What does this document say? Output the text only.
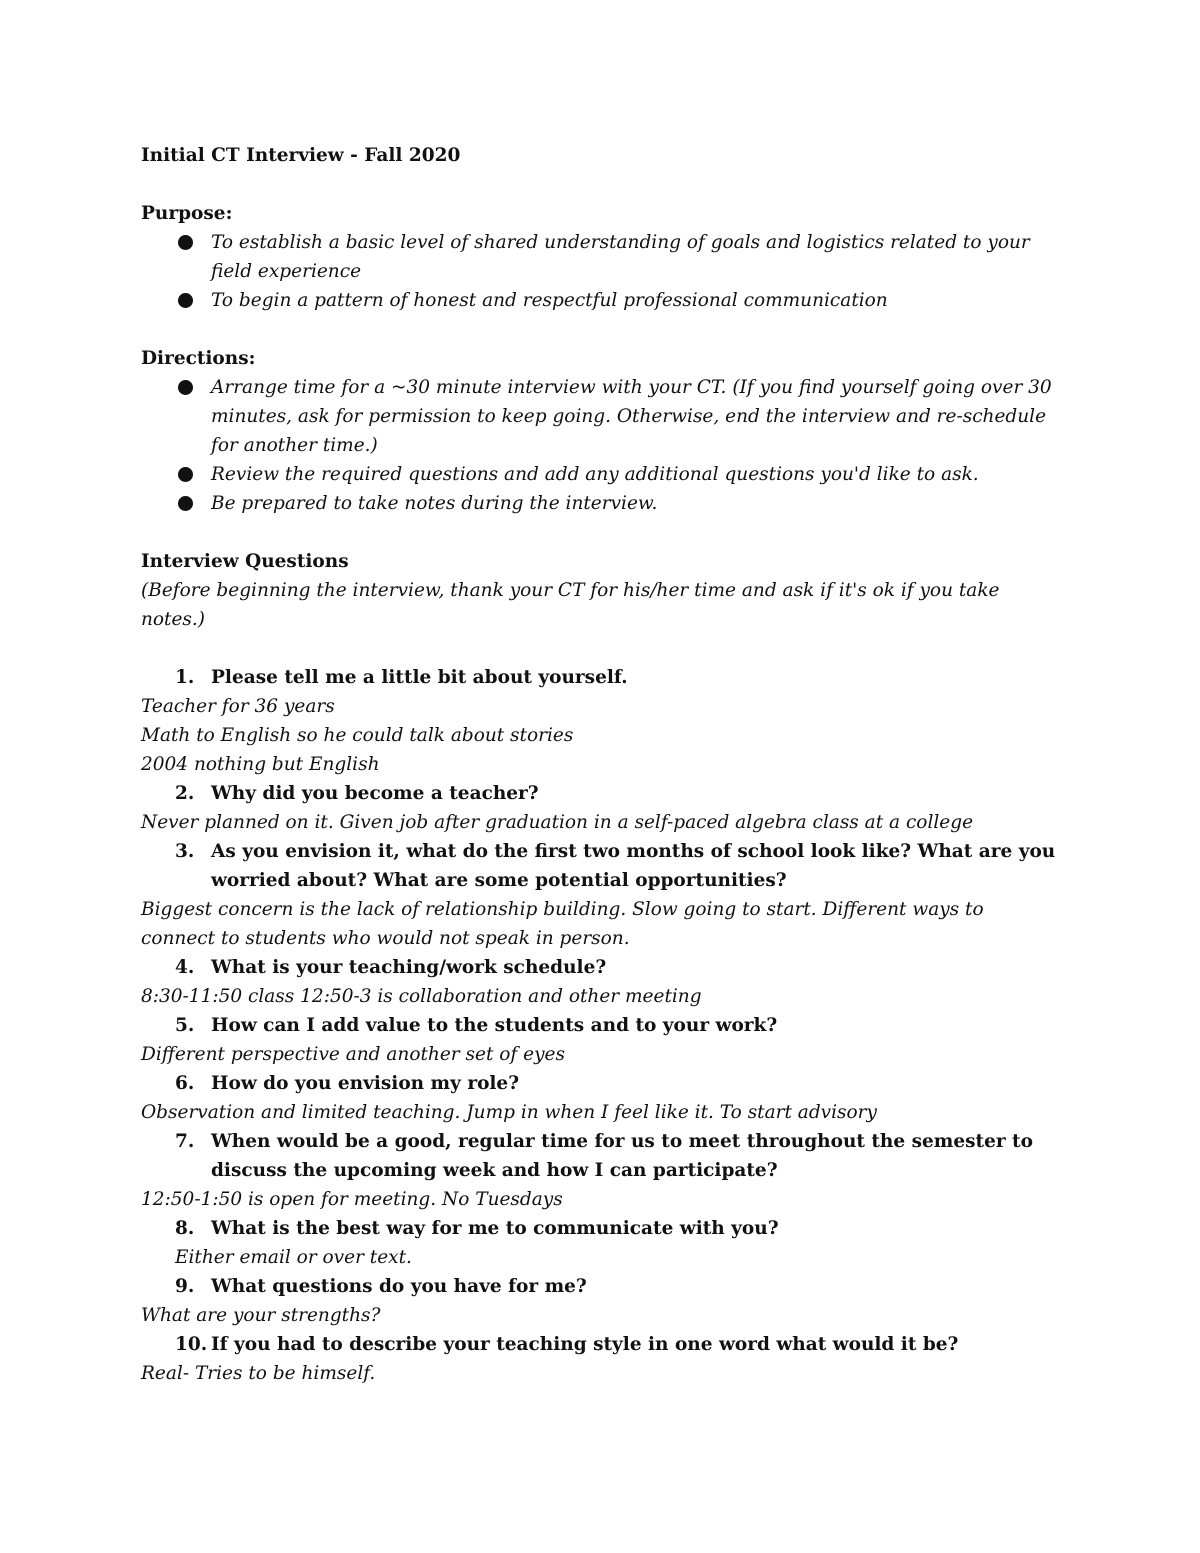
Initial CT Interview - Fall 2020

Purpose:

To establish a basic level of shared understanding of goals and logistics related to your field experience
To begin a pattern of honest and respectful professional communication

Directions:

Arrange time for a ~30 minute interview with your CT. (If you find yourself going over 30 minutes, ask for permission to keep going. Otherwise, end the interview and re-schedule for another time.)
Review the required questions and add any additional questions you'd like to ask.
Be prepared to take notes during the interview.

Interview Questions

(Before beginning the interview, thank your CT for his/her time and ask if it's ok if you take notes.)

1. Please tell me a little bit about yourself.

Teacher for 36 years

Math to English so he could talk about stories

2004 nothing but English

2. Why did you become a teacher?

Never planned on it. Given job after graduation in a self-paced algebra class at a college

3. As you envision it, what do the first two months of school look like? What are you worried about? What are some potential opportunities?

Biggest concern is the lack of relationship building. Slow going to start. Different ways to connect to students who would not speak in person.

4. What is your teaching/work schedule?

8:30-11:50 class 12:50-3 is collaboration and other meeting

5. How can I add value to the students and to your work?

Different perspective and another set of eyes

6. How do you envision my role?

Observation and limited teaching. Jump in when I feel like it. To start advisory

7. When would be a good, regular time for us to meet throughout the semester to discuss the upcoming week and how I can participate?

12:50-1:50 is open for meeting. No Tuesdays

8. What is the best way for me to communicate with you?

Either email or over text.

9. What questions do you have for me?

What are your strengths?

10. If you had to describe your teaching style in one word what would it be?

Real- Tries to be himself.
